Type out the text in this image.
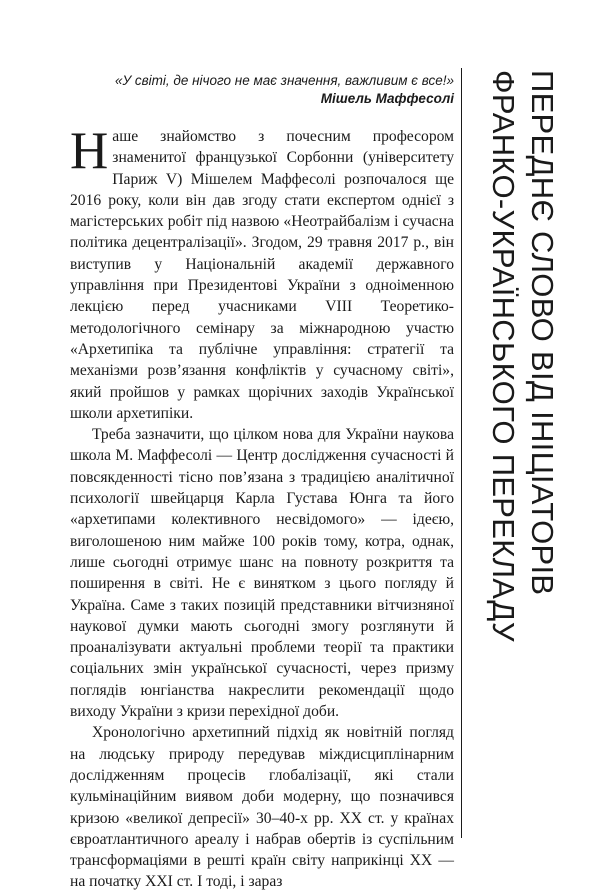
«У світі, де нічого не має значення, важливим є все!»
Мішель Маффесолі

Наше знайомство з почесним професором знаменитої французької Сорбонни (університету Париж V) Мішелем Маффесолі розпочалося ще 2016 року, коли він дав згоду стати експертом однієї з магістерських робіт під назвою «Неотрайбалізм і сучасна політика децентралізації». Згодом, 29 травня 2017 р., він виступив у Національній академії державного управління при Президентові України з одноіменною лекцією перед учасниками VIII Теоретико-методологічного семінару за міжнародною участю «Архетипіка та публічне управління: стратегії та механізми розв’язання конфліктів у сучасному світі», який пройшов у рамках щорічних заходів Української школи архетипіки.

Треба зазначити, що цілком нова для України наукова школа М. Маффесолі — Центр дослідження сучасності й повсякденності тісно пов’язана з традицією аналітичної психології швейцарця Карла Густава Юнга та його «архетипами колективного несвідомого» — ідеєю, виголошеною ним майже 100 років тому, котра, однак, лише сьогодні отримує шанс на повноту розкриття та поширення в світі. Не є винятком з цього погляду й Україна. Саме з таких позицій представники вітчизняної наукової думки мають сьогодні змогу розглянути й проаналізувати актуальні проблеми теорії та практики соціальних змін української сучасності, через призму поглядів юнгіанства накреслити рекомендації щодо виходу України з кризи перехідної доби.

Хронологічно архетипний підхід як новітній погляд на людську природу передував міждисциплінарним дослідженням процесів глобалізації, які стали кульмінаційним виявом доби модерну, що позначився кризою «великої депресії» 30–40-х рр. XX ст. у країнах євроатлантичного ареалу і набрав обертів із суспільним трансформаціями в решті країн світу наприкінці XX — на початку XXI ст. І тоді, і зараз

ПЕРЕДНЄ СЛОВО ВІД ІНІЦІАТОРІВ
ФРАНКО-УКРАЇНСЬКОГО ПЕРЕКЛАДУ
